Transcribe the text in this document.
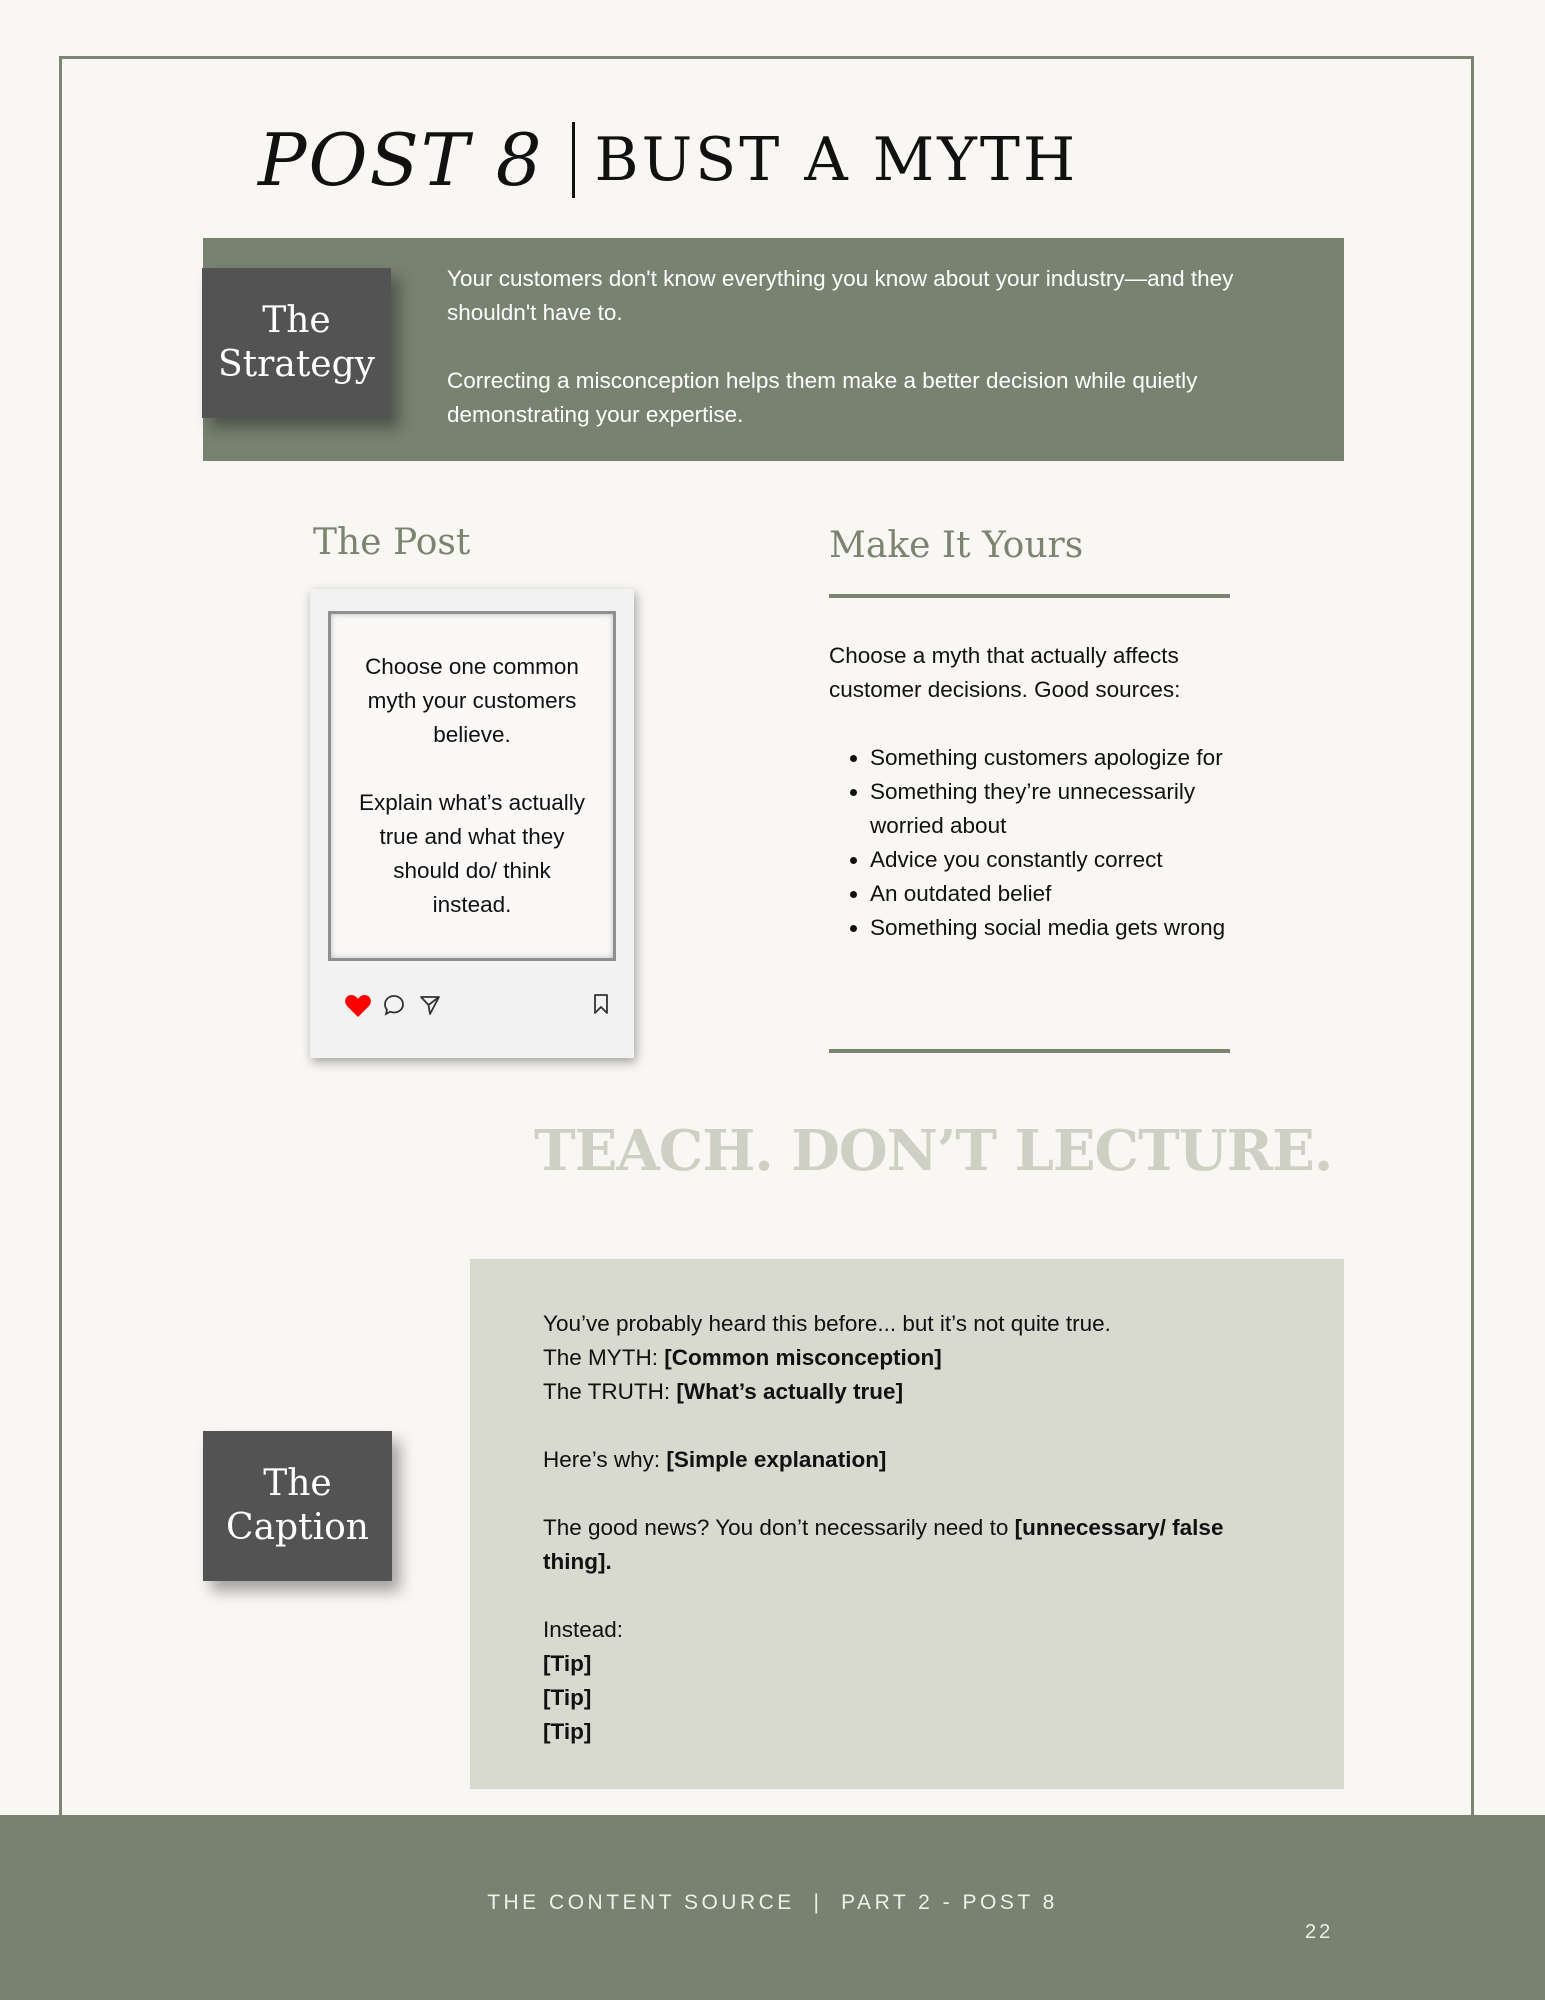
POST 8 BUST A MYTH
The
Strategy

Your customers don't know everything you know about your industry—and they shouldn't have to.

Correcting a misconception helps them make a better decision while quietly demonstrating your expertise.

The Post

Choose one common myth your customers believe.

Explain what’s actually true and what they should do/ think instead.

Make It Yours

Choose a myth that actually affects customer decisions. Good sources:

• Something customers apologize for
• Something they’re unnecessarily worried about
• Advice you constantly correct
• An outdated belief
• Something social media gets wrong
TEACH. DON’T LECTURE.
The
Caption

You’ve probably heard this before... but it’s not quite true.
The MYTH: [Common misconception]
The TRUTH: [What’s actually true]

Here’s why: [Simple explanation]

The good news? You don’t necessarily need to [unnecessary/ false thing].

Instead:
[Tip]
[Tip]
[Tip]

THE CONTENT SOURCE  |  PART 2 - POST 8
22
